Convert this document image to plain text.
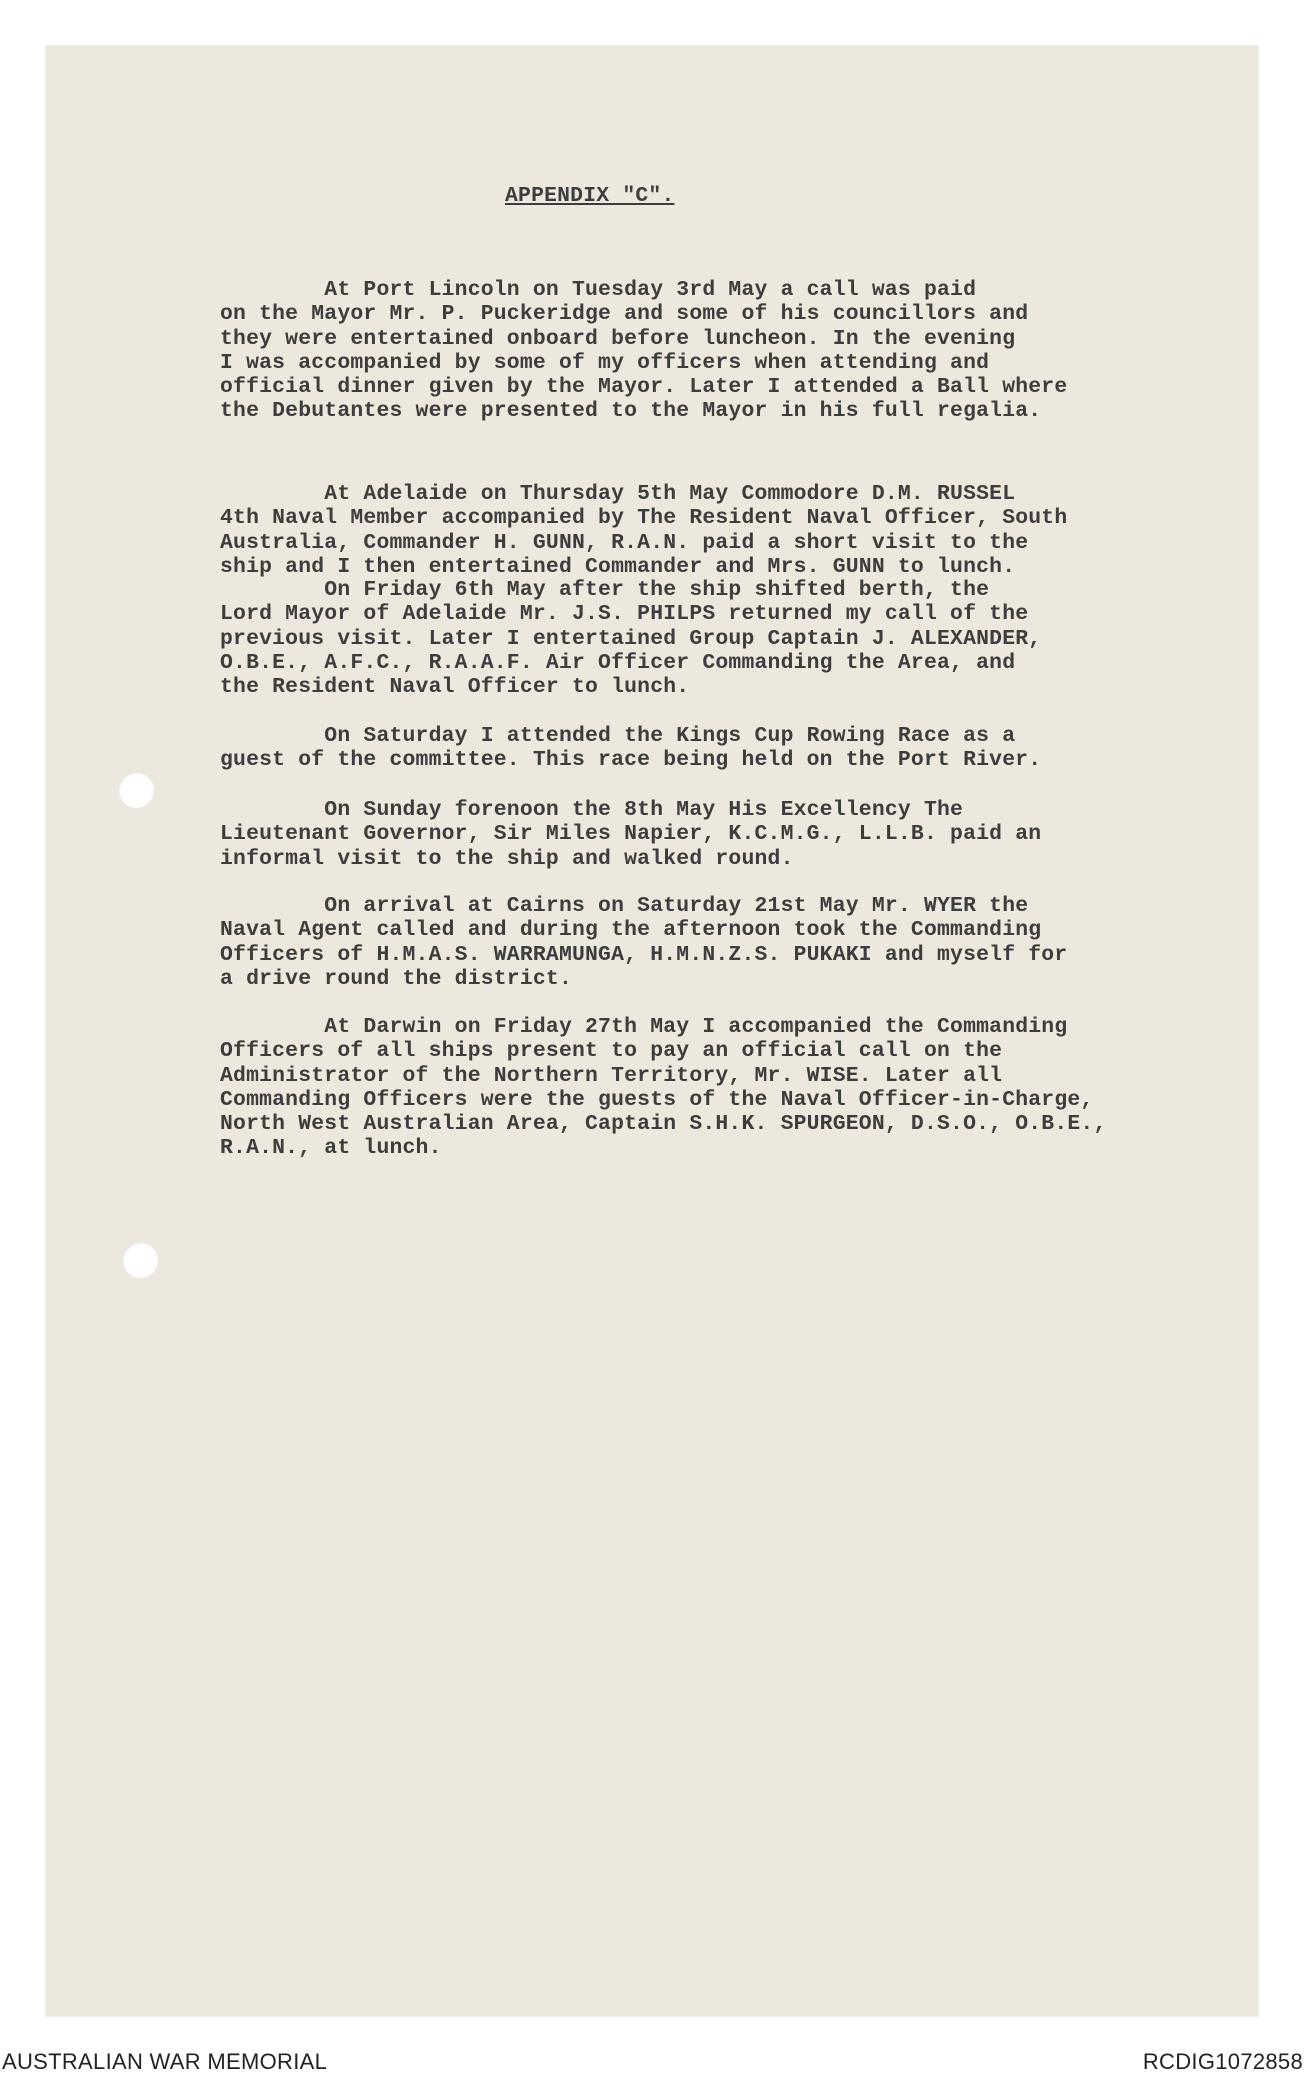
APPENDIX "C".
At Port Lincoln on Tuesday 3rd May a call was paid
on the Mayor Mr. P. Puckeridge and some of his councillors and
they were entertained onboard before luncheon. In the evening
I was accompanied by some of my officers when attending and
official dinner given by the Mayor. Later I attended a Ball where
the Debutantes were presented to the Mayor in his full regalia.
At Adelaide on Thursday 5th May Commodore D.M. RUSSEL
4th Naval Member accompanied by The Resident Naval Officer, South
Australia, Commander H. GUNN, R.A.N. paid a short visit to the
ship and I then entertained Commander and Mrs. GUNN to lunch.
On Friday 6th May after the ship shifted berth, the
Lord Mayor of Adelaide Mr. J.S. PHILPS returned my call of the
previous visit. Later I entertained Group Captain J. ALEXANDER,
O.B.E., A.F.C., R.A.A.F. Air Officer Commanding the Area, and
the Resident Naval Officer to lunch.
On Saturday I attended the Kings Cup Rowing Race as a
guest of the committee. This race being held on the Port River.
On Sunday forenoon the 8th May His Excellency The
Lieutenant Governor, Sir Miles Napier, K.C.M.G., L.L.B. paid an
informal visit to the ship and walked round.
On arrival at Cairns on Saturday 21st May Mr. WYER the
Naval Agent called and during the afternoon took the Commanding
Officers of H.M.A.S. WARRAMUNGA, H.M.N.Z.S. PUKAKI and myself for
a drive round the district.
At Darwin on Friday 27th May I accompanied the Commanding
Officers of all ships present to pay an official call on the
Administrator of the Northern Territory, Mr. WISE. Later all
Commanding Officers were the guests of the Naval Officer-in-Charge,
North West Australian Area, Captain S.H.K. SPURGEON, D.S.O., O.B.E.,
R.A.N., at lunch.
AUSTRALIAN WAR MEMORIAL	RCDIG1072858
